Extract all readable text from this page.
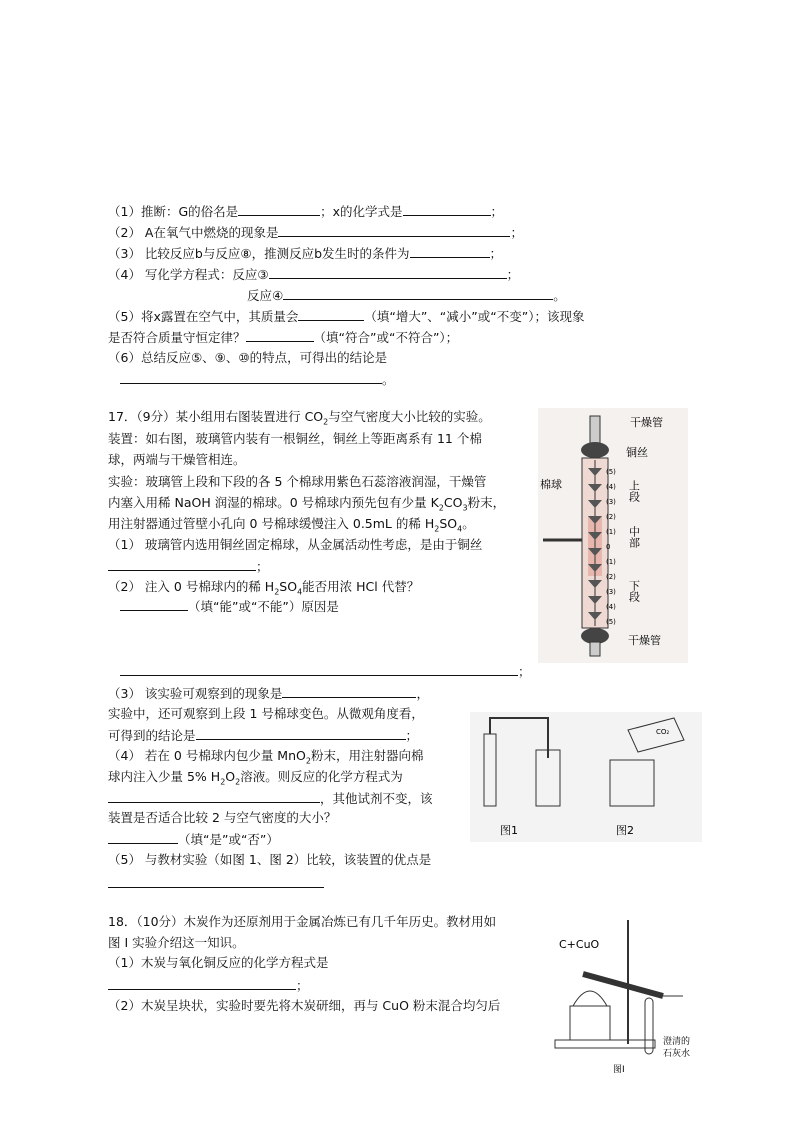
（1）推断：G的俗名是	；x的化学式是	；
（2） A在氧气中燃烧的现象是	；
（3） 比较反应b与反应⑧，推测反应b发生时的条件为	；
（4） 写化学方程式：反应③	；
反应④	。
（5）将x露置在空气中，其质量会	（填“增大”、“减小”或“不变”）；该现象
是否符合质量守恒定律？	（填“符合”或“不符合”）；
（6）总结反应⑤、⑨、⑩的特点，可得出的结论是
。
17．（9分）某小组用右图装置进行 $CO_2$与空气密度大小比较的实验。
装置：如右图，玻璃管内装有一根铜丝，铜丝上等距离系有 11 个棉
球，两端与干燥管相连。
实验：玻璃管上段和下段的各 5 个棉球用紫色石蕊溶液润湿，干燥管
内塞入用稀 NaOH 润湿的棉球。0 号棉球内预先包有少量 $K_2CO_3$粉末，
用注射器通过管壁小孔向 0 号棉球缓慢注入 0.5mL 的稀 $H_2SO_4$。
（1） 玻璃管内选用铜丝固定棉球，从金属活动性考虑，是由于铜丝
；
（2） 注入 0 号棉球内的稀 $H_2SO_4$能否用浓 HCl 代替？
（填“能”或“不能”）原因是
；
（3） 该实验可观察到的现象是	，
实验中，还可观察到上段 1 号棉球变色。从微观角度看，
可得到的结论是	；
（4） 若在 0 号棉球内包少量 MnO$_2$粉末，用注射器向棉
球内注入少量 5% $H_2O_2$溶液。则反应的化学方程式为
，其他试剂不变，该
装置是否适合比较 2 与空气密度的大小？
（填“是”或“否”）
（5） 与教材实验（如图 1、图 2）比较，该装置的优点是
18．（10分）木炭作为还原剂用于金属冶炼已有几千年历史。教材用如
图 I 实验介绍这一知识。
（1）木炭与氧化铜反应的化学方程式是
；
（2）木炭呈块状，实验时要先将木炭研细，再与 CuO 粉末混合均匀后
干燥管
棉球
铜丝
上段
中部
下段
干燥管
(5)
(4)
(3)
(2)
(1)
0
(1)
(2)
(3)
(4)
(5)
图1
CO₂
图2
C+CuO
澄清的
石灰水
图I
